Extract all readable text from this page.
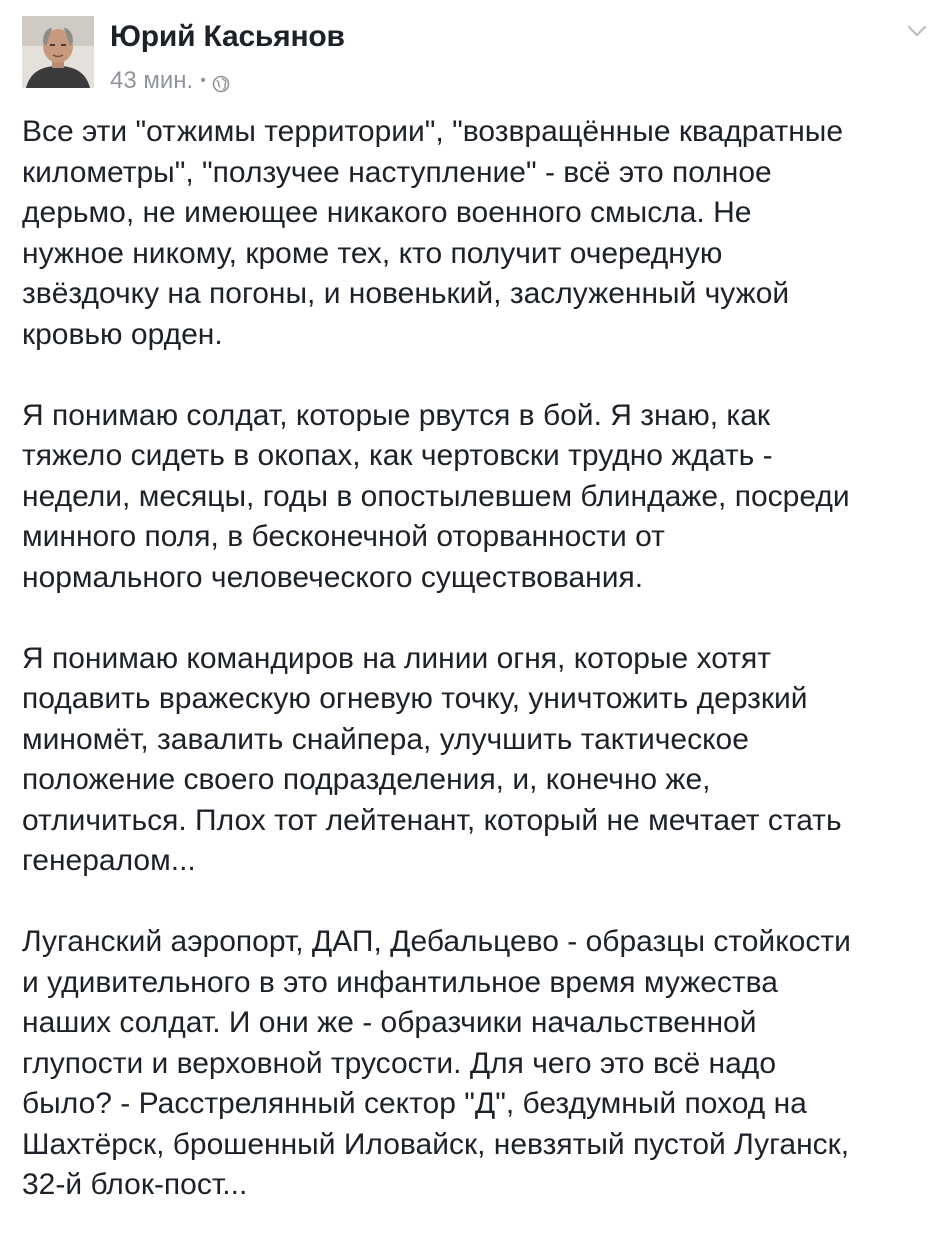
Юрий Касьянов
43 мин. •

Все эти "отжимы территории", "возвращённые квадратные
километры", "ползучее наступление" - всё это полное
дерьмо, не имеющее никакого военного смысла. Не
нужное никому, кроме тех, кто получит очередную
звёздочку на погоны, и новенький, заслуженный чужой
кровью орден.

Я понимаю солдат, которые рвутся в бой. Я знаю, как
тяжело сидеть в окопах, как чертовски трудно ждать -
недели, месяцы, годы в опостылевшем блиндаже, посреди
минного поля, в бесконечной оторванности от
нормального человеческого существования.

Я понимаю командиров на линии огня, которые хотят
подавить вражескую огневую точку, уничтожить дерзкий
миномёт, завалить снайпера, улучшить тактическое
положение своего подразделения, и, конечно же,
отличиться. Плох тот лейтенант, который не мечтает стать
генералом...

Луганский аэропорт, ДАП, Дебальцево - образцы стойкости
и удивительного в это инфантильное время мужества
наших солдат. И они же - образчики начальственной
глупости и верховной трусости. Для чего это всё надо
было? - Расстрелянный сектор "Д", бездумный поход на
Шахтёрск, брошенный Иловайск, невзятый пустой Луганск,
32-й блок-пост...
